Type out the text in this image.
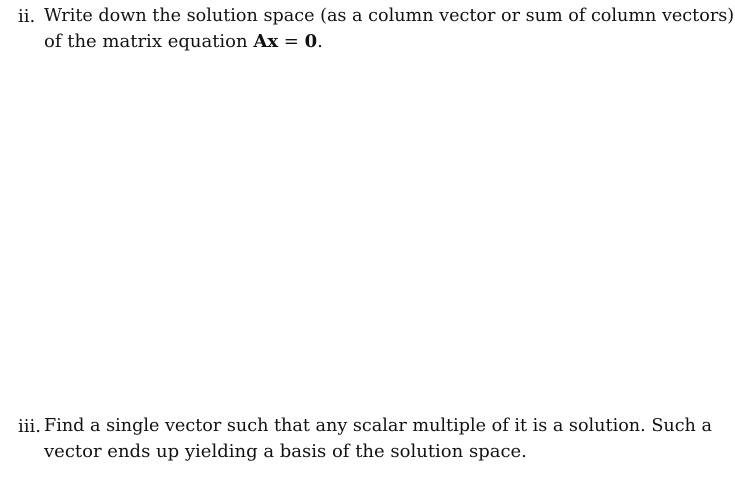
ii. Write down the solution space (as a column vector or sum of column vectors)
of the matrix equation Ax = 0.
iii. Find a single vector such that any scalar multiple of it is a solution. Such a
vector ends up yielding a basis of the solution space.
